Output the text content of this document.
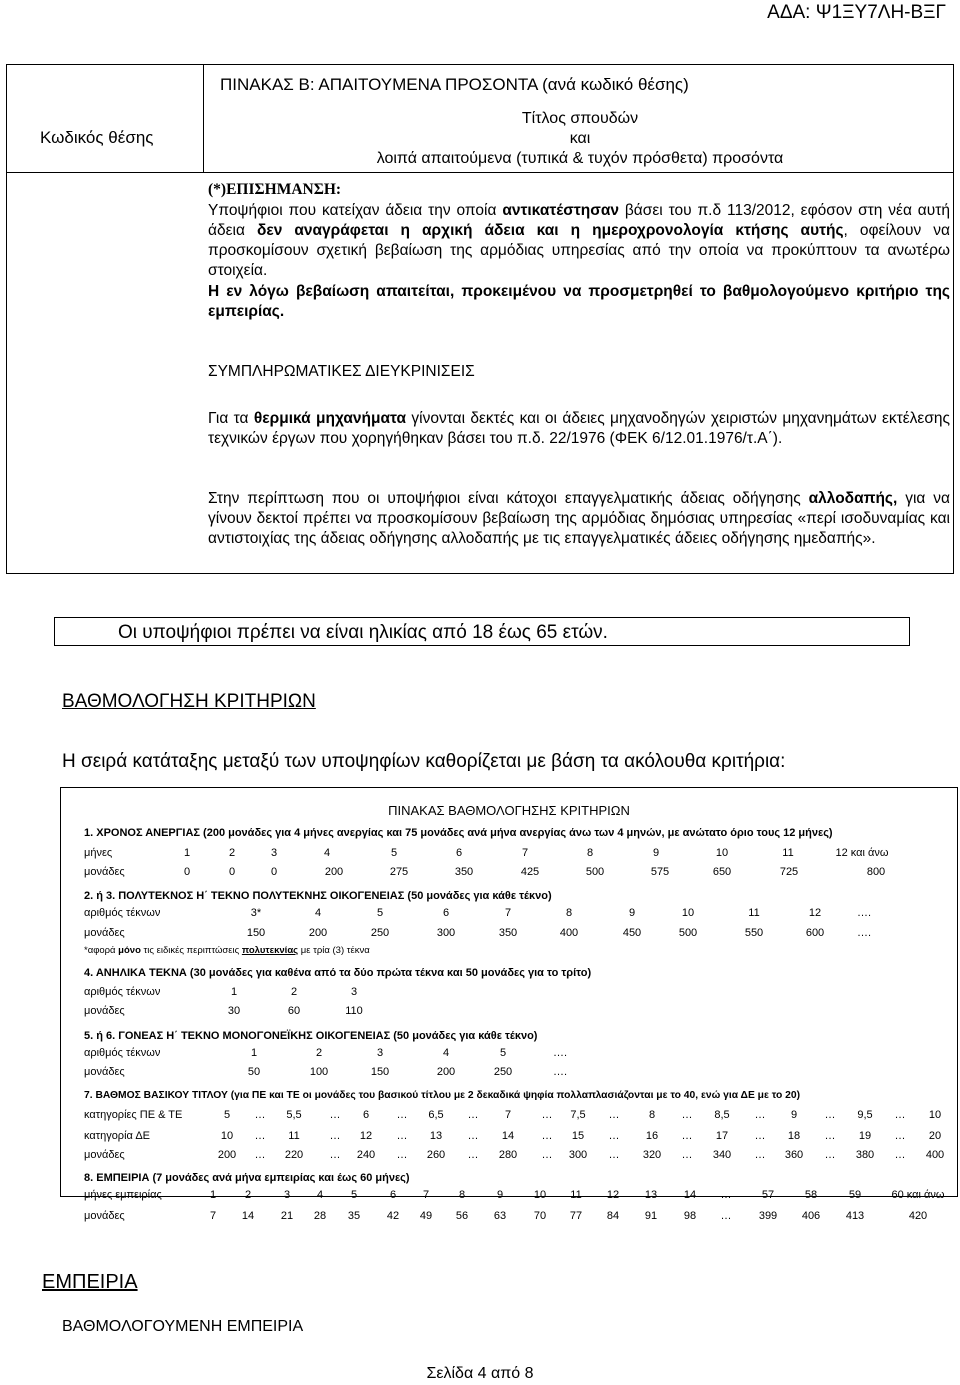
ΑΔΑ: Ψ1ΞΥ7ΛΗ-ΒΞΓ
ΠΙΝΑΚΑΣ Β: ΑΠΑΙΤΟΥΜΕΝΑ ΠΡΟΣΟΝΤΑ (ανά κωδικό θέσης)
Κωδικός θέσης
Τίτλος σπουδών
και
λοιπά απαιτούμενα (τυπικά & τυχόν πρόσθετα) προσόντα
(*)ΕΠΙΣΗΜΑΝΣΗ:
Υποψήφιοι που κατείχαν άδεια την οποία αντικατέστησαν βάσει του π.δ 113/2012, εφόσον στη νέα αυτή άδεια δεν αναγράφεται η αρχική άδεια και η ημεροχρονολογία κτήσης αυτής, οφείλουν να προσκομίσουν σχετική βεβαίωση της αρμόδιας υπηρεσίας από την οποία να προκύπτουν τα ανωτέρω στοιχεία.
Η εν λόγω βεβαίωση απαιτείται, προκειμένου να προσμετρηθεί το βαθμολογούμενο κριτήριο της εμπειρίας.
ΣΥΜΠΛΗΡΩΜΑΤΙΚΕΣ ΔΙΕΥΚΡΙΝΙΣΕΙΣ
Για τα θερμικά μηχανήματα γίνονται δεκτές και οι άδειες μηχανοδηγών χειριστών μηχανημάτων εκτέλεσης τεχνικών έργων που χορηγήθηκαν βάσει του π.δ. 22/1976 (ΦΕΚ 6/12.01.1976/τ.Α΄).
Στην περίπτωση που οι υποψήφιοι είναι κάτοχοι επαγγελματικής άδειας οδήγησης αλλοδαπής, για να γίνουν δεκτοί πρέπει να προσκομίσουν βεβαίωση της αρμόδιας δημόσιας υπηρεσίας «περί ισοδυναμίας και αντιστοιχίας της άδειας οδήγησης αλλοδαπής με τις επαγγελματικές άδειες οδήγησης ημεδαπής».
Οι υποψήφιοι πρέπει να είναι ηλικίας από 18 έως 65 ετών.
ΒΑΘΜΟΛΟΓΗΣΗ ΚΡΙΤΗΡΙΩΝ
Η σειρά κατάταξης μεταξύ των υποψηφίων καθορίζεται με βάση τα ακόλουθα κριτήρια:
ΠΙΝΑΚΑΣ ΒΑΘΜΟΛΟΓΗΣΗΣ ΚΡΙΤΗΡΙΩΝ
1. ΧΡΟΝΟΣ ΑΝΕΡΓΙΑΣ (200 μονάδες για 4 μήνες ανεργίας και 75 μονάδες ανά μήνα ανεργίας άνω των 4 μηνών, με ανώτατο όριο τους 12 μήνες)
μήνες	1	2	3	4	5	6	7	8	9	10	11	12 και άνω
μονάδες	0	0	0	200	275	350	425	500	575	650	725	800
2. ή 3. ΠΟΛΥΤΕΚΝΟΣ Η΄ ΤΕΚΝΟ ΠΟΛΥΤΕΚΝΗΣ ΟΙΚΟΓΕΝΕΙΑΣ (50 μονάδες για κάθε τέκνο)
αριθμός τέκνων	3*	4	5	6	7	8	9	10	11	12	….
μονάδες	150	200	250	300	350	400	450	500	550	600	….
*αφορά μόνο τις ειδικές περιπτώσεις πολυτεκνίας με τρία (3) τέκνα
4. ΑΝΗΛΙΚΑ ΤΕΚΝΑ (30 μονάδες για καθένα από τα δύο πρώτα τέκνα και 50 μονάδες για το τρίτο)
αριθμός τέκνων	1	2	3
μονάδες	30	60	110
5. ή 6. ΓΟΝΕΑΣ Η΄ ΤΕΚΝΟ ΜΟΝΟΓΟΝΕΪΚΗΣ ΟΙΚΟΓΕΝΕΙΑΣ (50 μονάδες για κάθε τέκνο)
αριθμός τέκνων	1	2	3	4	5	….
μονάδες	50	100	150	200	250	….
7. ΒΑΘΜΟΣ ΒΑΣΙΚΟΥ ΤΙΤΛΟΥ (για ΠΕ και ΤΕ οι μονάδες του βασικού τίτλου με 2 δεκαδικά ψηφία πολλαπλασιάζονται με το 40, ενώ για ΔΕ με το 20)
κατηγορίες ΠΕ & ΤΕ	5 … 5,5	… 6 … 6,5 … 7	… 7,5 …	8 … 8,5 … 9 … 9,5 … 10
κατηγορία ΔΕ	10 … 11	… 12 … 13 … 14 … 15 … 16 … 17 … 18 … 19 … 20
μονάδες	200 … 220 … 240 … 260 … 280 … 300 … 320 … 340 … 360 … 380 … 400
8. ΕΜΠΕΙΡΙΑ (7 μονάδες ανά μήνα εμπειρίας και έως 60 μήνες)
μήνες εμπειρίας	1	2	3 4	5	6 7	8	9	10 11 12 13 14 …	57	58	59	60 και άνω
μονάδες	7 14 21 28 35 42 49 56 63	70 77 84 91 98 … 399 406 413	420
ΕΜΠΕΙΡΙΑ
ΒΑΘΜΟΛΟΓΟΥΜΕΝΗ ΕΜΠΕΙΡΙΑ
Σελίδα 4 από 8
